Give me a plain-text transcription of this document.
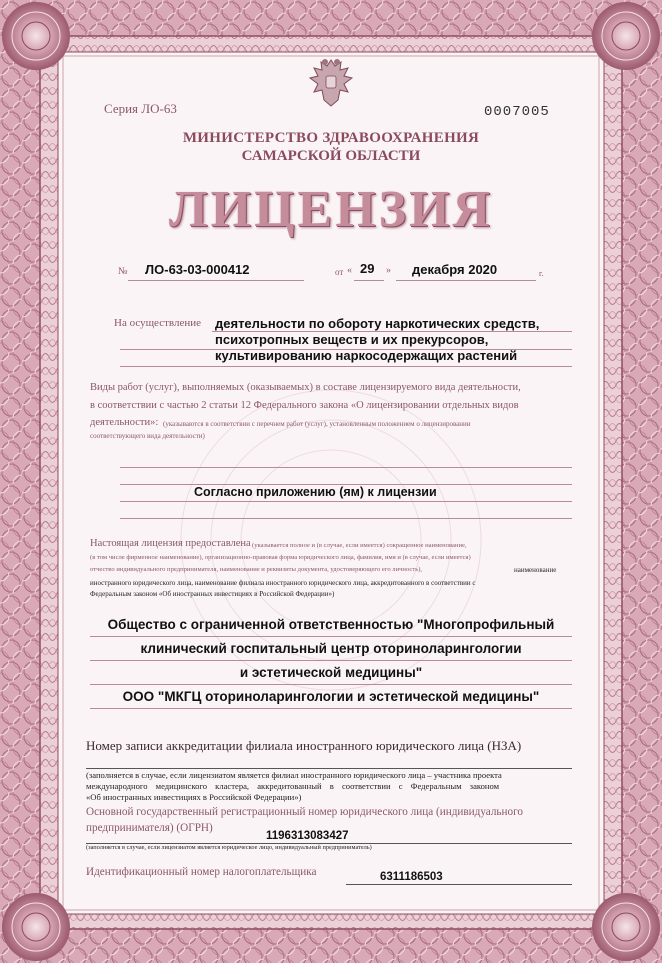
Серия ЛО-63	0007005
МИНИСТЕРСТВО ЗДРАВООХРАНЕНИЯ
САМАРСКОЙ ОБЛАСТИ
ЛИЦЕНЗИЯ
№ ЛО-63-03-000412	от « 29 » декабря 2020	г.
На осуществление деятельности по обороту наркотических средств,
психотропных веществ и их прекурсоров,
культивированию наркосодержащих растений
Виды работ (услуг), выполняемых (оказываемых) в составе лицензируемого вида деятельности,
в соответствии с частью 2 статьи 12 Федерального закона «О лицензировании отдельных видов
деятельности»: (указываются в соответствии с перечнем работ (услуг), установленным положением о лицензировании
соответствующего вида деятельности)
Согласно приложению (ям) к лицензии
Настоящая лицензия предоставлена (указывается полное и (в случае, если имеется) сокращенное наименование,
(в том числе фирменное наименование), организационно-правовая форма юридического лица, фамилия, имя и (в случае, если имеется)
отчество индивидуального предпринимателя, наименование и реквизиты документа, удостоверяющего его личность),	наименование
иностранного юридического лица, наименование филиала иностранного юридического лица, аккредитованного в соответствии с
Федеральным законом «Об иностранных инвестициях в Российской Федерации»)
Общество с ограниченной ответственностью "Многопрофильный
клинический госпитальный центр оториноларингологии
и эстетической медицины"
ООО "МКГЦ оториноларингологии и эстетической медицины"
Номер записи аккредитации филиала иностранного юридического лица (НЗА)
(заполняется в случае, если лицензиатом является филиал иностранного юридического лица – участника проекта
международного медицинского кластера, аккредитованный в соответствии с Федеральным законом
«Об иностранных инвестициях в Российской Федерации»)
Основной государственный регистрационный номер юридического лица (индивидуального
предпринимателя) (ОГРН)
1196313083427
(заполняется в случае, если лицензиатом является юридическое лицо, индивидуальный предприниматель)
Идентификационный номер налогоплательщика	6311186503
